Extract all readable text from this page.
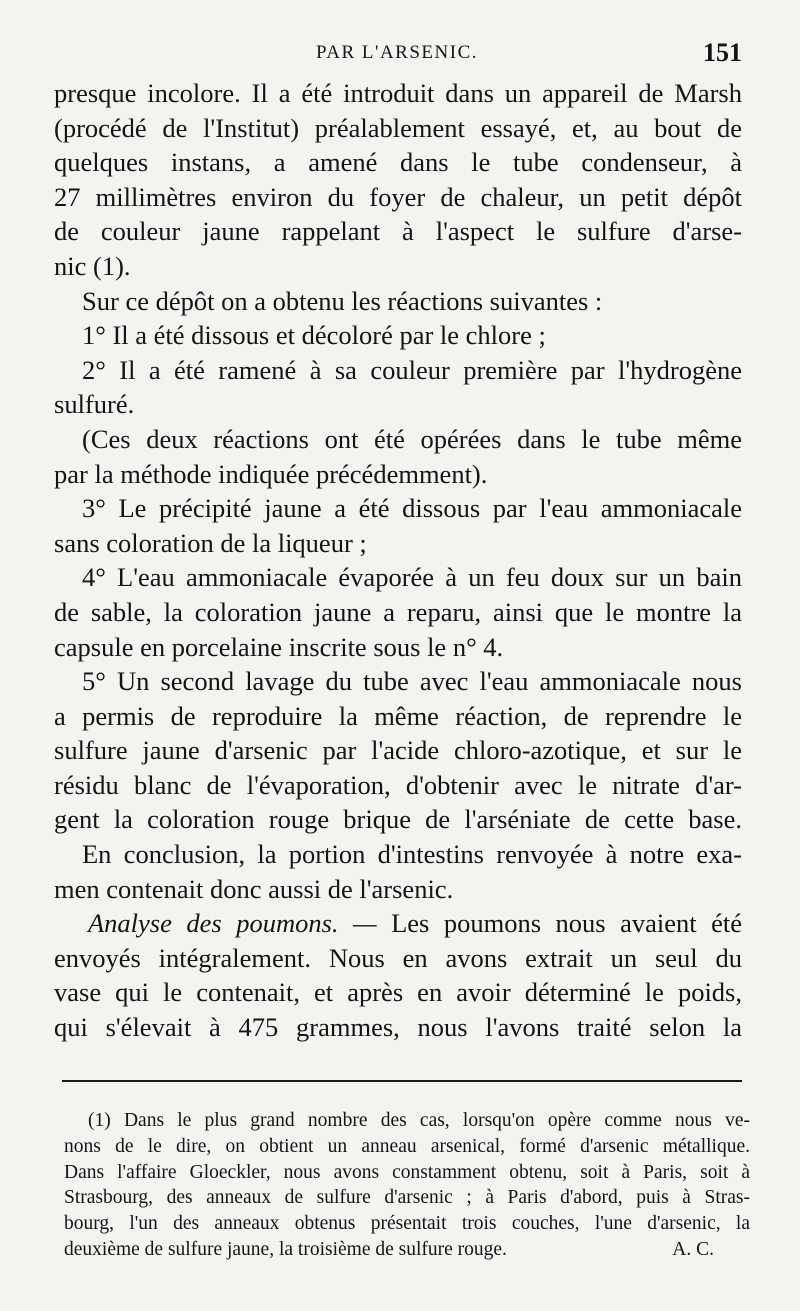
PAR L'ARSENIC.	151
presque incolore. Il a été introduit dans un appareil de Marsh
(procédé de l'Institut) préalablement essayé, et, au bout de
quelques instans, a amené dans le tube condenseur, à
27 millimètres environ du foyer de chaleur, un petit dépôt
de couleur jaune rappelant à l'aspect le sulfure d'arse-
nic (1).
Sur ce dépôt on a obtenu les réactions suivantes :
1° Il a été dissous et décoloré par le chlore ;
2° Il a été ramené à sa couleur première par l'hydrogène
sulfuré.
(Ces deux réactions ont été opérées dans le tube même
par la méthode indiquée précédemment).
3° Le précipité jaune a été dissous par l'eau ammoniacale
sans coloration de la liqueur ;
4° L'eau ammoniacale évaporée à un feu doux sur un bain
de sable, la coloration jaune a reparu, ainsi que le montre la
capsule en porcelaine inscrite sous le n° 4.
5° Un second lavage du tube avec l'eau ammoniacale nous
a permis de reproduire la même réaction, de reprendre le
sulfure jaune d'arsenic par l'acide chloro-azotique, et sur le
résidu blanc de l'évaporation, d'obtenir avec le nitrate d'ar-
gent la coloration rouge brique de l'arséniate de cette base.
En conclusion, la portion d'intestins renvoyée à notre exa-
men contenait donc aussi de l'arsenic.
Analyse des poumons. — Les poumons nous avaient été
envoyés intégralement. Nous en avons extrait un seul du
vase qui le contenait, et après en avoir déterminé le poids,
qui s'élevait à 475 grammes, nous l'avons traité selon la
(1) Dans le plus grand nombre des cas, lorsqu'on opère comme nous ve-
nons de le dire, on obtient un anneau arsenical, formé d'arsenic métallique.
Dans l'affaire Gloeckler, nous avons constamment obtenu, soit à Paris, soit à
Strasbourg, des anneaux de sulfure d'arsenic ; à Paris d'abord, puis à Stras-
bourg, l'un des anneaux obtenus présentait trois couches, l'une d'arsenic, la
deuxième de sulfure jaune, la troisième de sulfure rouge.	A. C.
